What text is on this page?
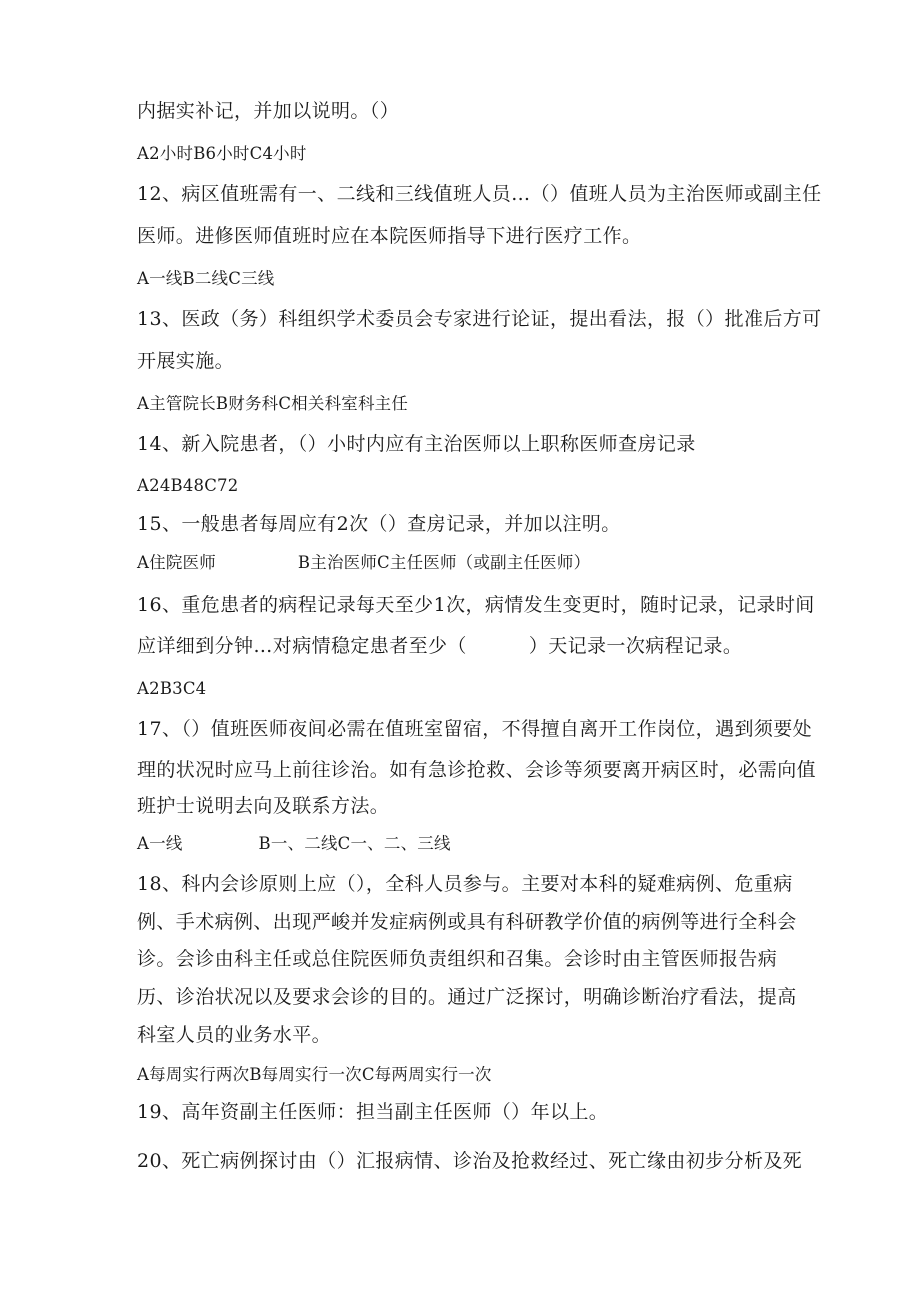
内据实补记，并加以说明。（）
A2小时B6小时C4小时
12、病区值班需有一、二线和三线值班人员…（）值班人员为主治医师或副主任
医师。进修医师值班时应在本院医师指导下进行医疗工作。
A一线B二线C三线
13、医政（务）科组织学术委员会专家进行论证，提出看法，报（）批准后方可
开展实施。
A主管院长B财务科C相关科室科主任
14、新入院患者，（）小时内应有主治医师以上职称医师查房记录
A24B48C72
15、一般患者每周应有2次（）查房记录，并加以注明。
A住院医师	B主治医师C主任医师（或副主任医师）
16、重危患者的病程记录每天至少1次，病情发生变更时，随时记录，记录时间
应详细到分钟…对病情稳定患者至少（	）天记录一次病程记录。
A2B3C4
17、（）值班医师夜间必需在值班室留宿，不得擅自离开工作岗位，遇到须要处
理的状况时应马上前往诊治。如有急诊抢救、会诊等须要离开病区时，必需向值
班护士说明去向及联系方法。
A一线	B一、二线C一、二、三线
18、科内会诊原则上应（），全科人员参与。主要对本科的疑难病例、危重病
例、手术病例、出现严峻并发症病例或具有科研教学价值的病例等进行全科会
诊。会诊由科主任或总住院医师负责组织和召集。会诊时由主管医师报告病
历、诊治状况以及要求会诊的目的。通过广泛探讨，明确诊断治疗看法，提高
科室人员的业务水平。
A每周实行两次B每周实行一次C每两周实行一次
19、高年资副主任医师：担当副主任医师（）年以上。
20、死亡病例探讨由（）汇报病情、诊治及抢救经过、死亡缘由初步分析及死
